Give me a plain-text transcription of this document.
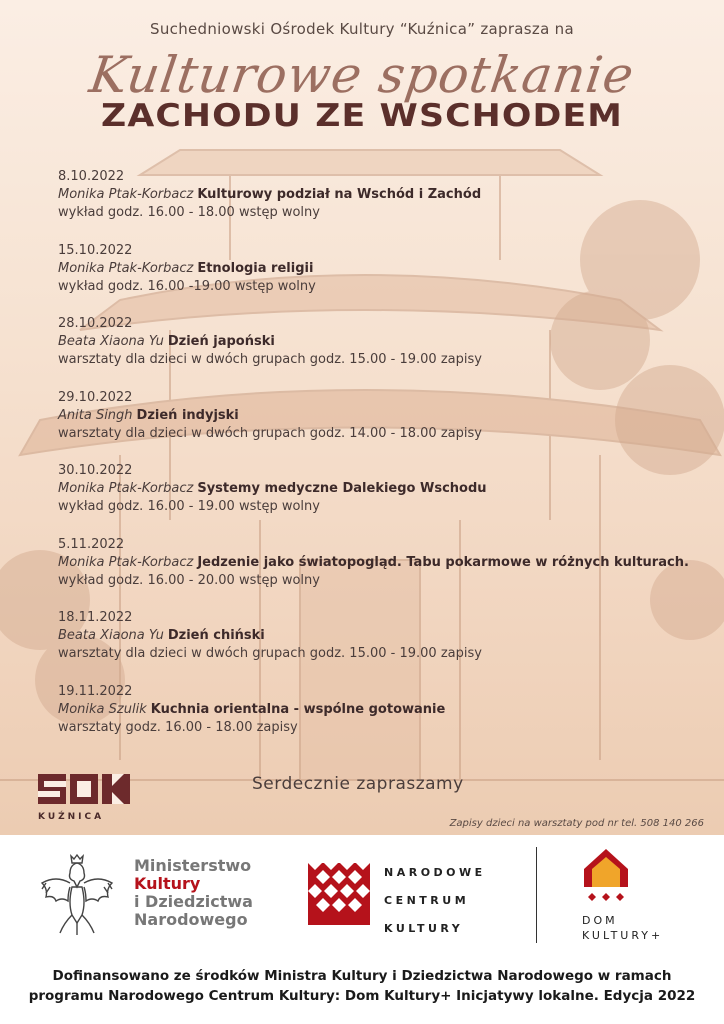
Suchedniowski Ośrodek Kultury “Kuźnica” zaprasza na
Kulturowe spotkanie
ZACHODU ZE WSCHODEM
8.10.2022
Monika Ptak-Korbacz Kulturowy podział na Wschód i Zachód
wykład godz. 16.00 - 18.00 wstęp wolny
15.10.2022
Monika Ptak-Korbacz Etnologia religii
wykład godz. 16.00 -19.00 wstęp wolny
28.10.2022
Beata Xiaona Yu Dzień japoński
warsztaty dla dzieci w dwóch grupach godz. 15.00 - 19.00 zapisy
29.10.2022
Anita Singh Dzień indyjski
warsztaty dla dzieci w dwóch grupach godz. 14.00 - 18.00 zapisy
30.10.2022
Monika Ptak-Korbacz Systemy medyczne Dalekiego Wschodu
wykład godz. 16.00 - 19.00 wstęp wolny
5.11.2022
Monika Ptak-Korbacz Jedzenie jako światopogląd. Tabu pokarmowe w różnych kulturach.
wykład godz. 16.00 - 20.00 wstęp wolny
18.11.2022
Beata Xiaona Yu Dzień chiński
warsztaty dla dzieci w dwóch grupach godz. 15.00 - 19.00 zapisy
19.11.2022
Monika Szulik Kuchnia orientalna - wspólne gotowanie
warsztaty godz. 16.00 - 18.00 zapisy
KUŹNICA
Serdecznie zapraszamy
Zapisy dzieci na warsztaty pod nr tel. 508 140 266
Ministerstwo
Kultury
i Dziedzictwa
Narodowego
NARODOWE
CENTRUM
KULTURY
DOM
KULTURY+
Dofinansowano ze środków Ministra Kultury i Dziedzictwa Narodowego w ramach
programu Narodowego Centrum Kultury: Dom Kultury+ Inicjatywy lokalne. Edycja 2022
